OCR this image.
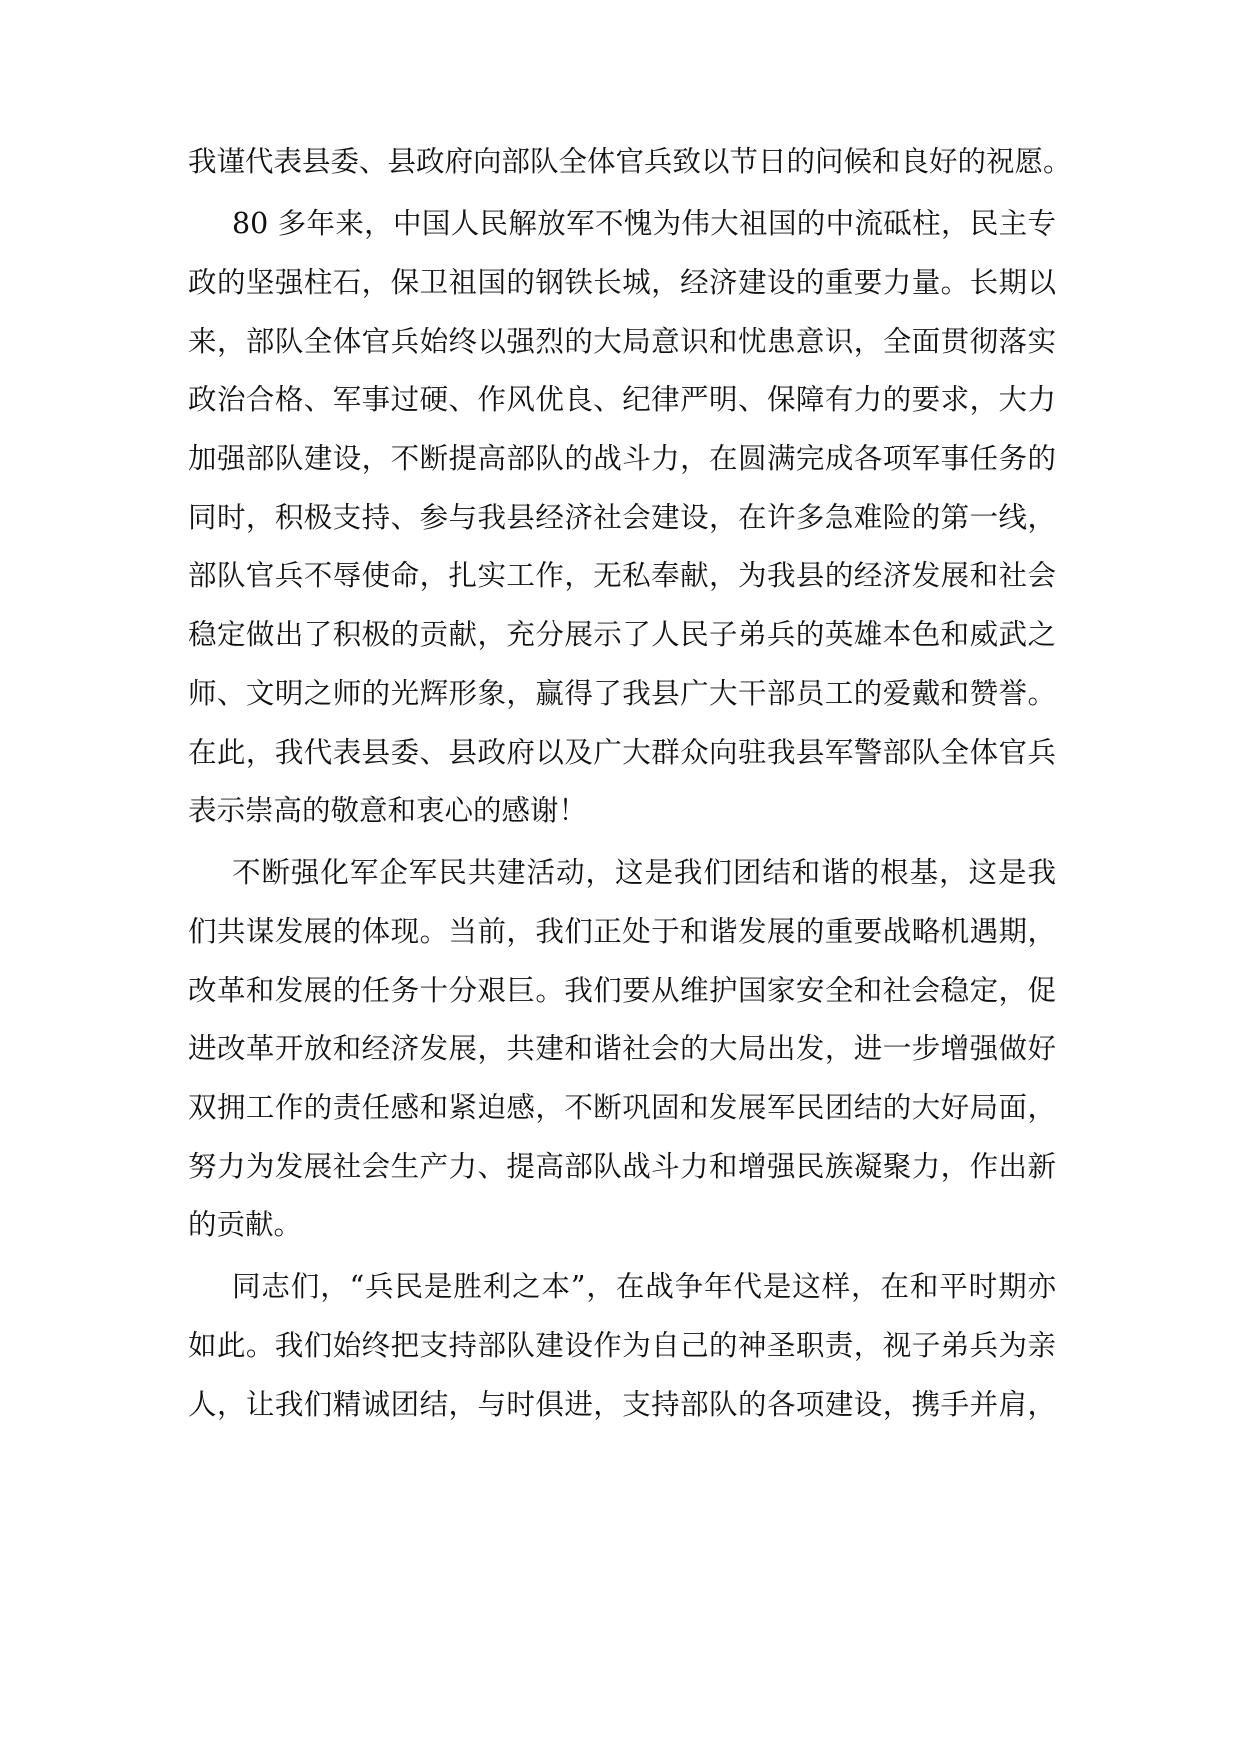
我谨代表县委、县政府向部队全体官兵致以节日的问候和良好的祝愿。
80 多年来，中国人民解放军不愧为伟大祖国的中流砥柱，民主专
政的坚强柱石，保卫祖国的钢铁长城，经济建设的重要力量。长期以
来，部队全体官兵始终以强烈的大局意识和忧患意识，全面贯彻落实
政治合格、军事过硬、作风优良、纪律严明、保障有力的要求，大力
加强部队建设，不断提高部队的战斗力，在圆满完成各项军事任务的
同时，积极支持、参与我县经济社会建设，在许多急难险的第一线，
部队官兵不辱使命，扎实工作，无私奉献，为我县的经济发展和社会
稳定做出了积极的贡献，充分展示了人民子弟兵的英雄本色和威武之
师、文明之师的光辉形象，赢得了我县广大干部员工的爱戴和赞誉。
在此，我代表县委、县政府以及广大群众向驻我县军警部队全体官兵
表示崇高的敬意和衷心的感谢！
不断强化军企军民共建活动，这是我们团结和谐的根基，这是我
们共谋发展的体现。当前，我们正处于和谐发展的重要战略机遇期，
改革和发展的任务十分艰巨。我们要从维护国家安全和社会稳定，促
进改革开放和经济发展，共建和谐社会的大局出发，进一步增强做好
双拥工作的责任感和紧迫感，不断巩固和发展军民团结的大好局面，
努力为发展社会生产力、提高部队战斗力和增强民族凝聚力，作出新
的贡献。
同志们，“兵民是胜利之本”，在战争年代是这样，在和平时期亦
如此。我们始终把支持部队建设作为自己的神圣职责，视子弟兵为亲
人，让我们精诚团结，与时俱进，支持部队的各项建设，携手并肩，
